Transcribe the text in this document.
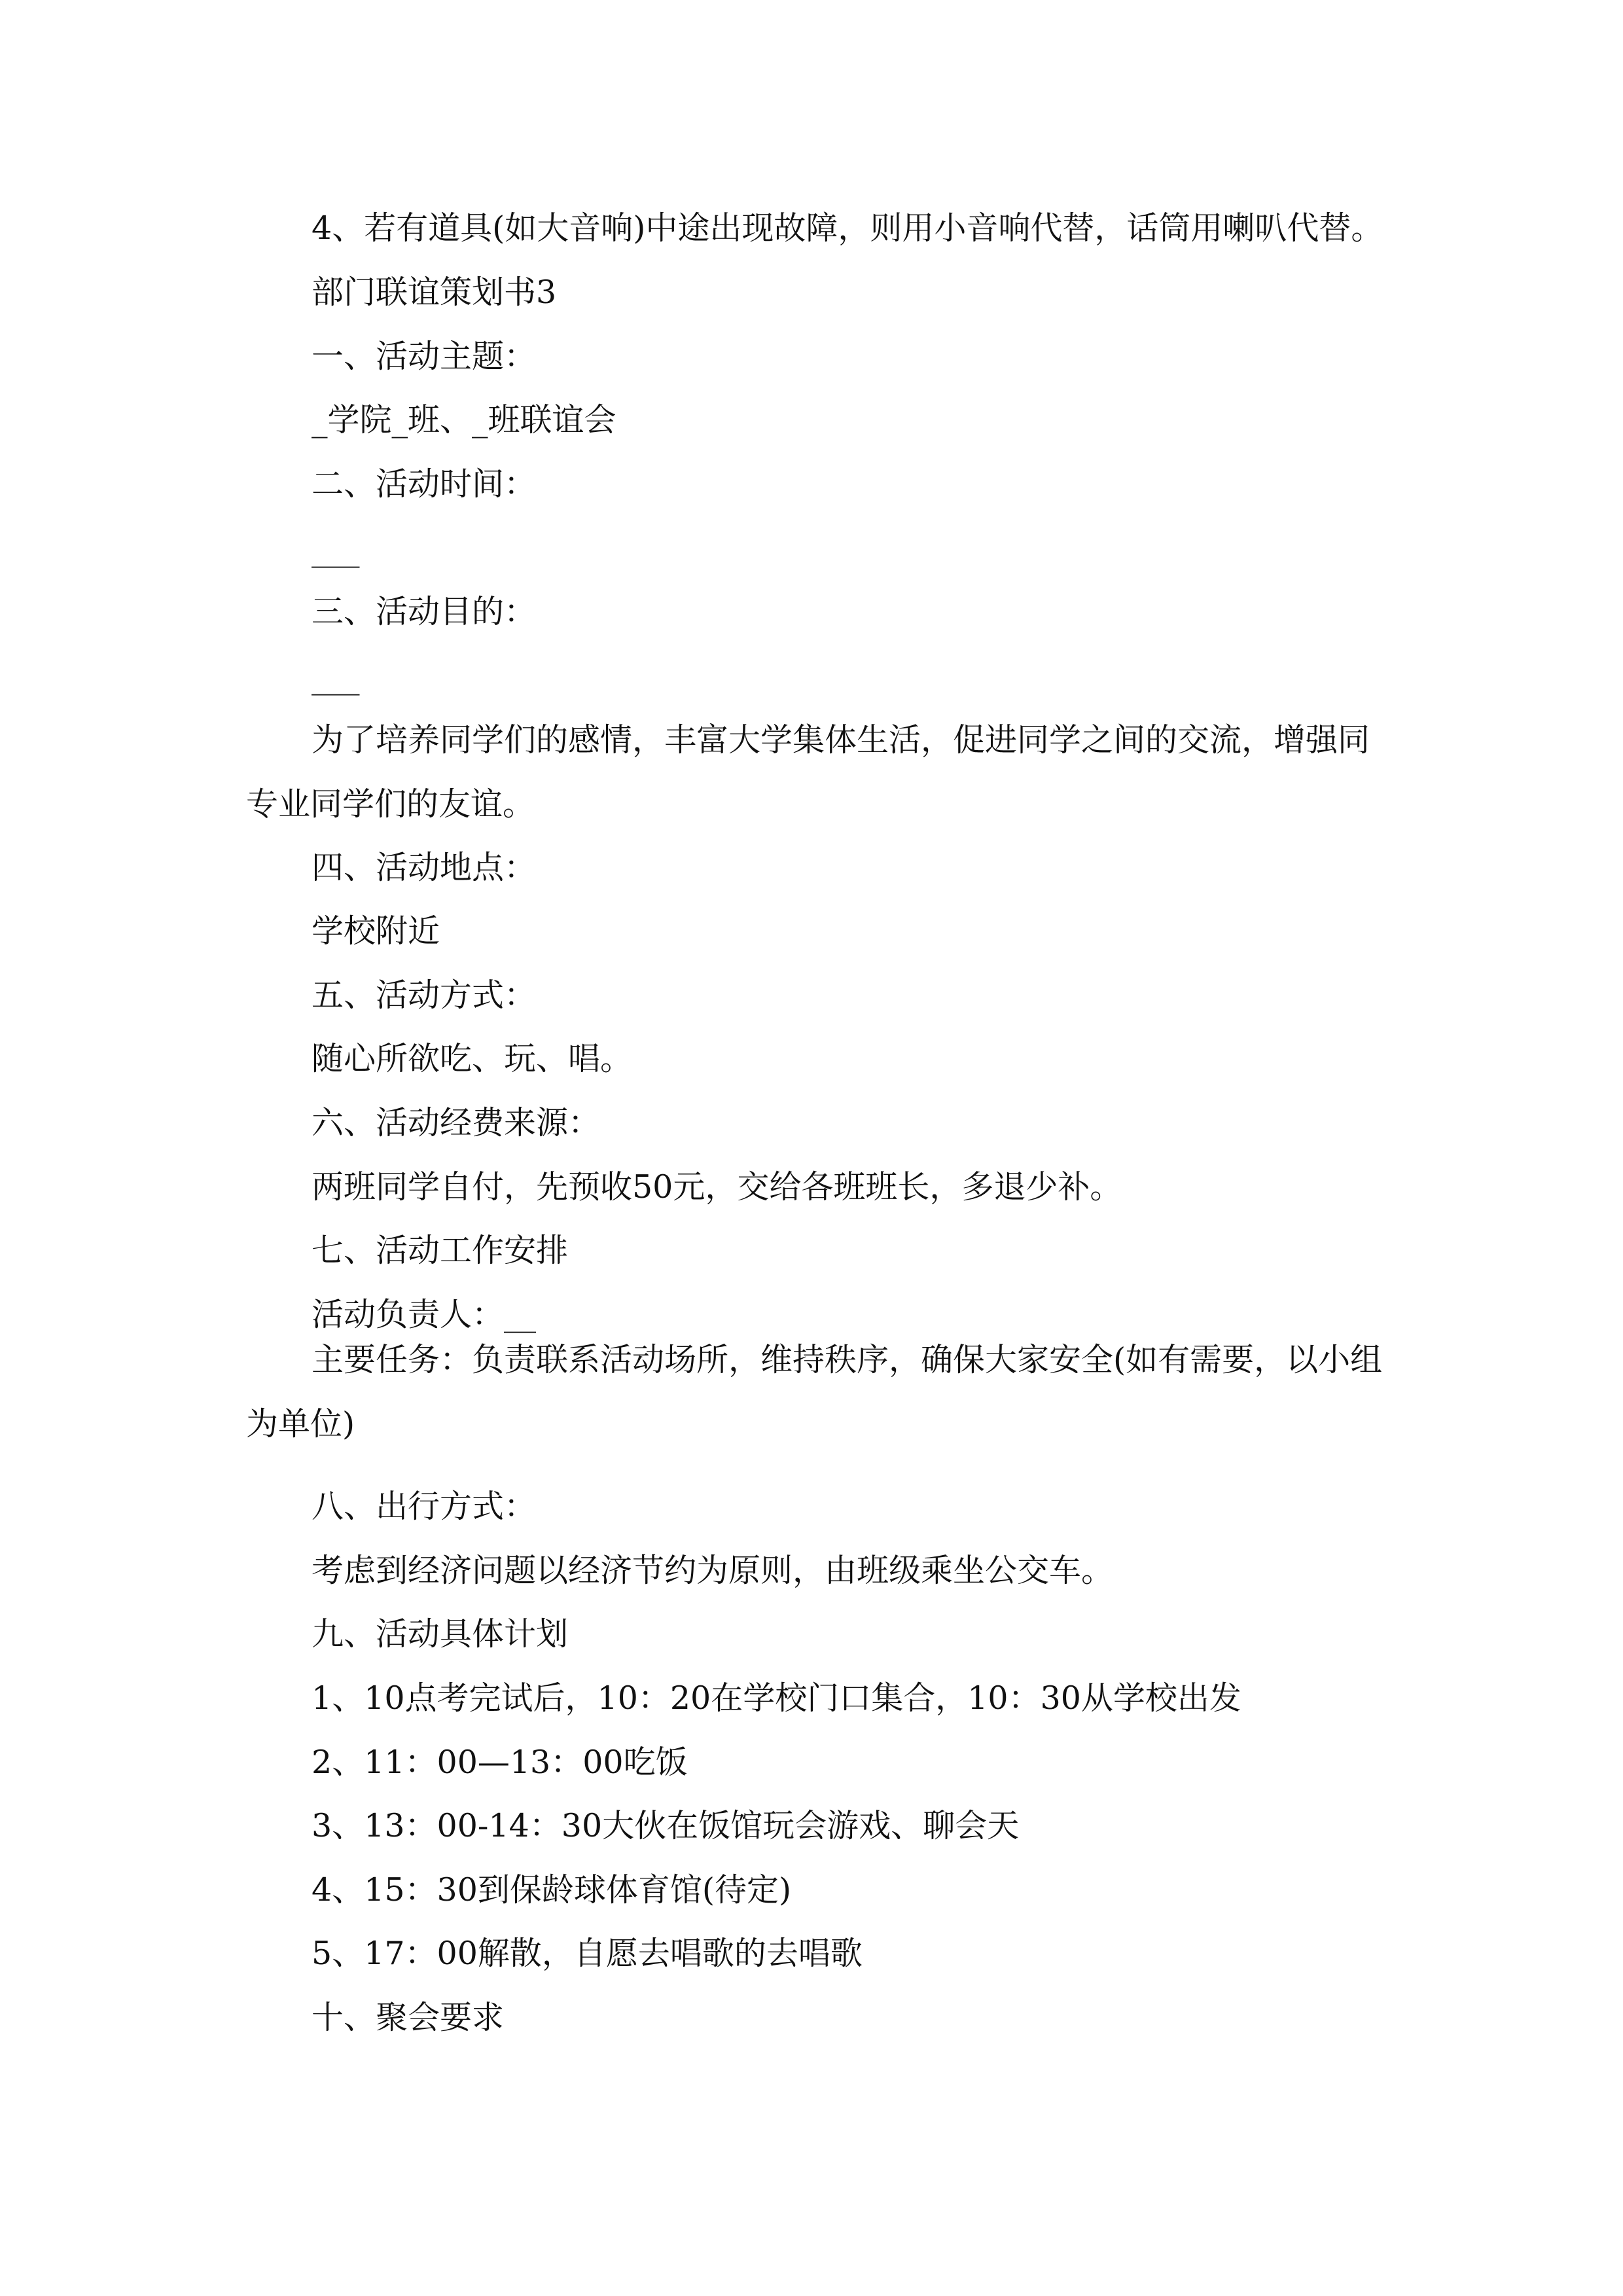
4、若有道具(如大音响)中途出现故障，则用小音响代替，话筒用喇叭代替。

部门联谊策划书3

一、活动主题：

_学院_班、_班联谊会

二、活动时间：

___

三、活动目的：

___

为了培养同学们的感情，丰富大学集体生活，促进同学之间的交流，增强同专业同学们的友谊。

四、活动地点：

学校附近

五、活动方式：

随心所欲吃、玩、唱。

六、活动经费来源：

两班同学自付，先预收50元，交给各班班长，多退少补。

七、活动工作安排

活动负责人：__

主要任务：负责联系活动场所，维持秩序，确保大家安全(如有需要，以小组为单位)

八、出行方式：

考虑到经济问题以经济节约为原则，由班级乘坐公交车。

九、活动具体计划

1、10点考完试后，10：20在学校门口集合，10：30从学校出发

2、11：00—13：00吃饭

3、13：00-14：30大伙在饭馆玩会游戏、聊会天

4、15：30到保龄球体育馆(待定)

5、17：00解散，自愿去唱歌的去唱歌

十、聚会要求
